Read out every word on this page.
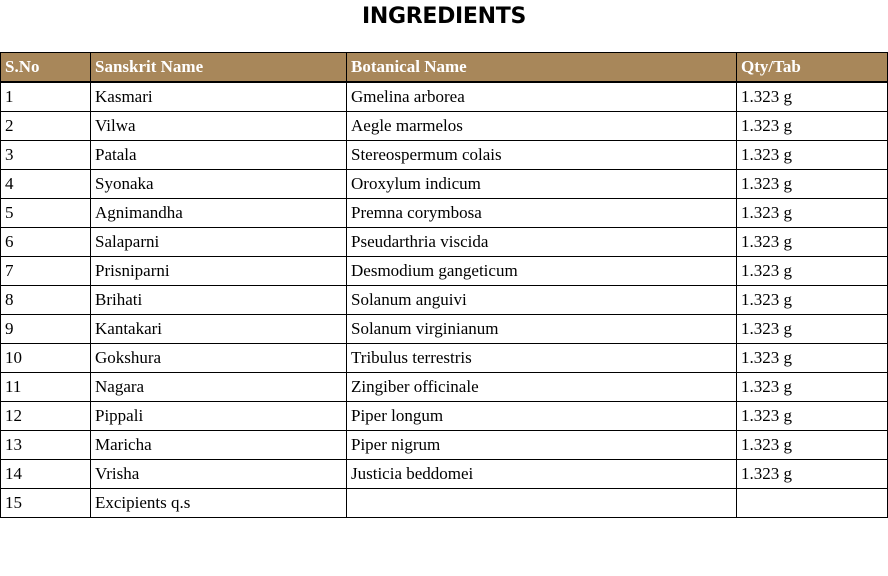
INGREDIENTS
S.No	Sanskrit Name	Botanical Name	Qty/Tab
1	Kasmari	Gmelina arborea	1.323 g
2	Vilwa	Aegle marmelos	1.323 g
3	Patala	Stereospermum colais	1.323 g
4	Syonaka	Oroxylum indicum	1.323 g
5	Agnimandha	Premna corymbosa	1.323 g
6	Salaparni	Pseudarthria viscida	1.323 g
7	Prisniparni	Desmodium gangeticum	1.323 g
8	Brihati	Solanum anguivi	1.323 g
9	Kantakari	Solanum virginianum	1.323 g
10	Gokshura	Tribulus terrestris	1.323 g
11	Nagara	Zingiber officinale	1.323 g
12	Pippali	Piper longum	1.323 g
13	Maricha	Piper nigrum	1.323 g
14	Vrisha	Justicia beddomei	1.323 g
15	Excipients q.s		
